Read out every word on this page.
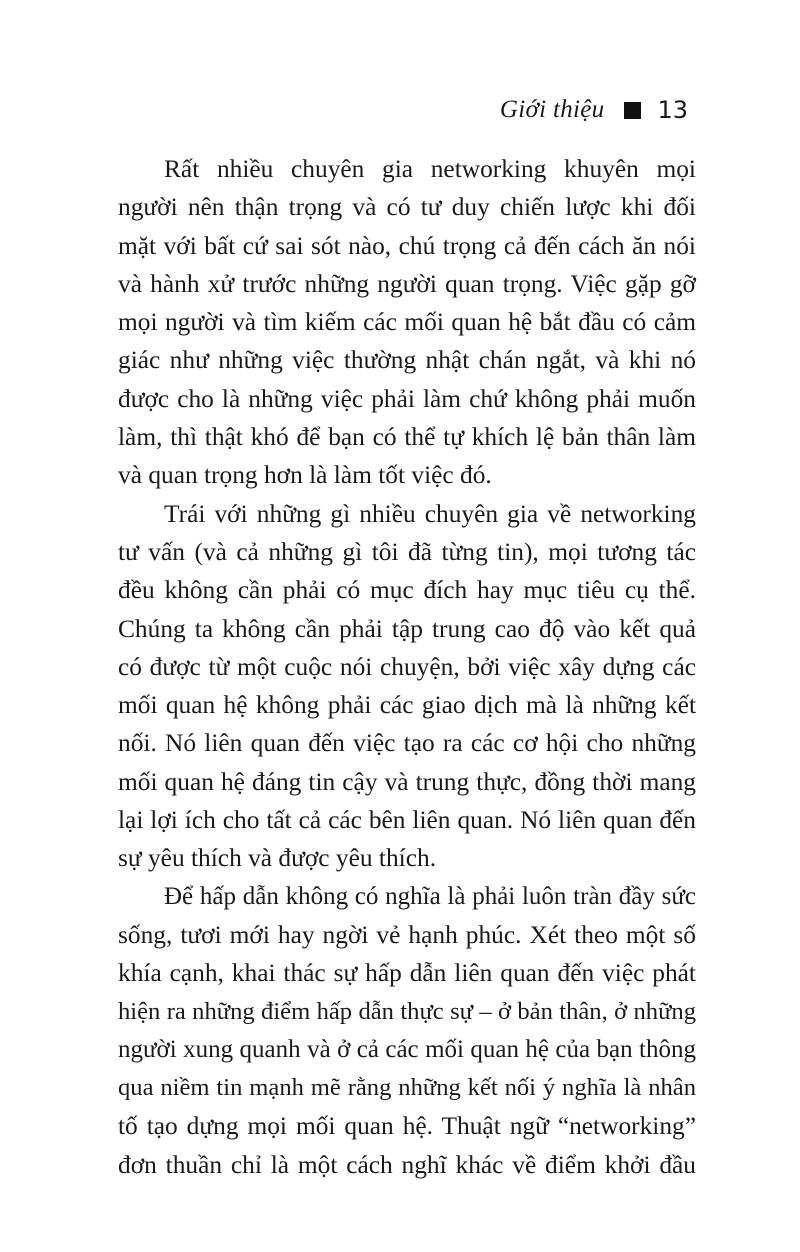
Giới thiệu 13
Rất nhiều chuyên gia networking khuyên mọi
người nên thận trọng và có tư duy chiến lược khi đối
mặt với bất cứ sai sót nào, chú trọng cả đến cách ăn nói
và hành xử trước những người quan trọng. Việc gặp gỡ
mọi người và tìm kiếm các mối quan hệ bắt đầu có cảm
giác như những việc thường nhật chán ngắt, và khi nó
được cho là những việc phải làm chứ không phải muốn
làm, thì thật khó để bạn có thể tự khích lệ bản thân làm
và quan trọng hơn là làm tốt việc đó.
Trái với những gì nhiều chuyên gia về networking
tư vấn (và cả những gì tôi đã từng tin), mọi tương tác
đều không cần phải có mục đích hay mục tiêu cụ thể.
Chúng ta không cần phải tập trung cao độ vào kết quả
có được từ một cuộc nói chuyện, bởi việc xây dựng các
mối quan hệ không phải các giao dịch mà là những kết
nối. Nó liên quan đến việc tạo ra các cơ hội cho những
mối quan hệ đáng tin cậy và trung thực, đồng thời mang
lại lợi ích cho tất cả các bên liên quan. Nó liên quan đến
sự yêu thích và được yêu thích.
Để hấp dẫn không có nghĩa là phải luôn tràn đầy sức
sống, tươi mới hay ngời vẻ hạnh phúc. Xét theo một số
khía cạnh, khai thác sự hấp dẫn liên quan đến việc phát
hiện ra những điểm hấp dẫn thực sự – ở bản thân, ở những
người xung quanh và ở cả các mối quan hệ của bạn thông
qua niềm tin mạnh mẽ rằng những kết nối ý nghĩa là nhân
tố tạo dựng mọi mối quan hệ. Thuật ngữ “networking”
đơn thuần chỉ là một cách nghĩ khác về điểm khởi đầu
